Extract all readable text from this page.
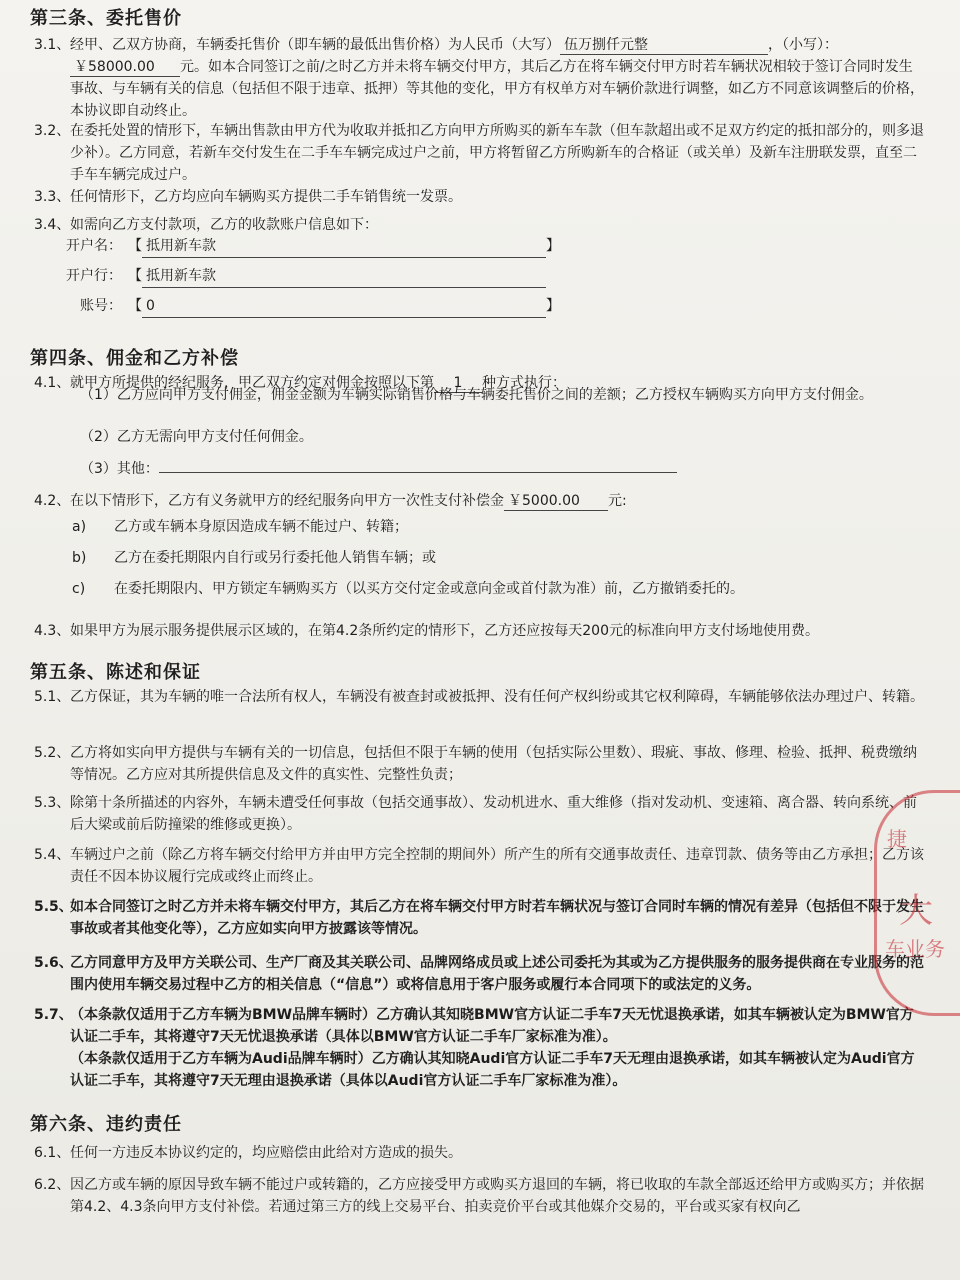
第三条、委托售价
3.1、 经甲、乙双方协商，车辆委托售价（即车辆的最低出售价格）为人民币（大写） 伍万捌仟元整	，（小写）：
￥58000.00 元。如本合同签订之前/之时乙方并未将车辆交付甲方，其后乙方在将车辆交付甲方时若车辆状况相较于签订合同时发生事故、与车辆有关的信息（包括但不限于违章、抵押）等其他的变化，甲方有权单方对车辆价款进行调整，如乙方不同意该调整后的价格，本协议即自动终止。
3.2、 在委托处置的情形下，车辆出售款由甲方代为收取并抵扣乙方向甲方所购买的新车车款（但车款超出或不足双方约定的抵扣部分的，则多退少补）。乙方同意，若新车交付发生在二手车车辆完成过户之前，甲方将暂留乙方所购新车的合格证（或关单）及新车注册联发票，直至二手车车辆完成过户。
3.3、 任何情形下，乙方均应向车辆购买方提供二手车销售统一发票。
3.4、 如需向乙方支付款项，乙方的收款账户信息如下：
开户名： 【 抵用新车款	】
开户行： 【 抵用新车款
账号： 【 0	】
第四条、佣金和乙方补偿
4.1、 就甲方所提供的经纪服务，甲乙双方约定对佣金按照以下第 1 种方式执行：
（1）乙方应向甲方支付佣金，佣金金额为车辆实际销售价格与车辆委托售价之间的差额；乙方授权车辆购买方向甲方支付佣金。
（2）乙方无需向甲方支付任何佣金。
（3）其他：
4.2、 在以下情形下，乙方有义务就甲方的经纪服务向甲方一次性支付补偿金 ￥5000.00 元:
a)	乙方或车辆本身原因造成车辆不能过户、转籍；
b)	乙方在委托期限内自行或另行委托他人销售车辆；或
c)	在委托期限内、甲方锁定车辆购买方（以买方交付定金或意向金或首付款为准）前，乙方撤销委托的。
4.3、 如果甲方为展示服务提供展示区域的，在第4.2条所约定的情形下，乙方还应按每天200元的标准向甲方支付场地使用费。
第五条、陈述和保证
5.1、 乙方保证，其为车辆的唯一合法所有权人，车辆没有被查封或被抵押、没有任何产权纠纷或其它权利障碍，车辆能够依法办理过户、转籍。
5.2、 乙方将如实向甲方提供与车辆有关的一切信息，包括但不限于车辆的使用（包括实际公里数）、瑕疵、事故、修理、检验、抵押、税费缴纳等情况。乙方应对其所提供信息及文件的真实性、完整性负责；
5.3、 除第十条所描述的内容外，车辆未遭受任何事故（包括交通事故）、发动机进水、重大维修（指对发动机、变速箱、离合器、转向系统、前后大梁或前后防撞梁的维修或更换）。
5.4、 车辆过户之前（除乙方将车辆交付给甲方并由甲方完全控制的期间外）所产生的所有交通事故责任、违章罚款、债务等由乙方承担；乙方该责任不因本协议履行完成或终止而终止。
5.5、
如本合同签订之时乙方并未将车辆交付甲方，其后乙方在将车辆交付甲方时若车辆状况与签订合同时车辆的情况有差异（包括但不限于发生事故或者其他变化等），乙方应如实向甲方披露该等情况。
5.6、
乙方同意甲方及甲方关联公司、生产厂商及其关联公司、品牌网络成员或上述公司委托为其或为乙方提供服务的服务提供商在专业服务的范围内使用车辆交易过程中乙方的相关信息（“信息”）或将信息用于客户服务或履行本合同项下的或法定的义务。
5.7、
（本条款仅适用于乙方车辆为BMW品牌车辆时）乙方确认其知晓BMW官方认证二手车7天无忧退换承诺，如其车辆被认定为BMW官方认证二手车，其将遵守7天无忧退换承诺（具体以BMW官方认证二手车厂家标准为准）。
（本条款仅适用于乙方车辆为Audi品牌车辆时）乙方确认其知晓Audi官方认证二手车7天无理由退换承诺，如其车辆被认定为Audi官方认证二手车，其将遵守7天无理由退换承诺（具体以Audi官方认证二手车厂家标准为准）。
第六条、违约责任
6.1、 任何一方违反本协议约定的，均应赔偿由此给对方造成的损失。
6.2、 因乙方或车辆的原因导致车辆不能过户或转籍的，乙方应接受甲方或购买方退回的车辆，将已收取的车款全部返还给甲方或购买方；并依据第4.2、4.3条向甲方支付补偿。若通过第三方的线上交易平台、拍卖竞价平台或其他媒介交易的，平台或买家有权向乙
捷
大
车业务
